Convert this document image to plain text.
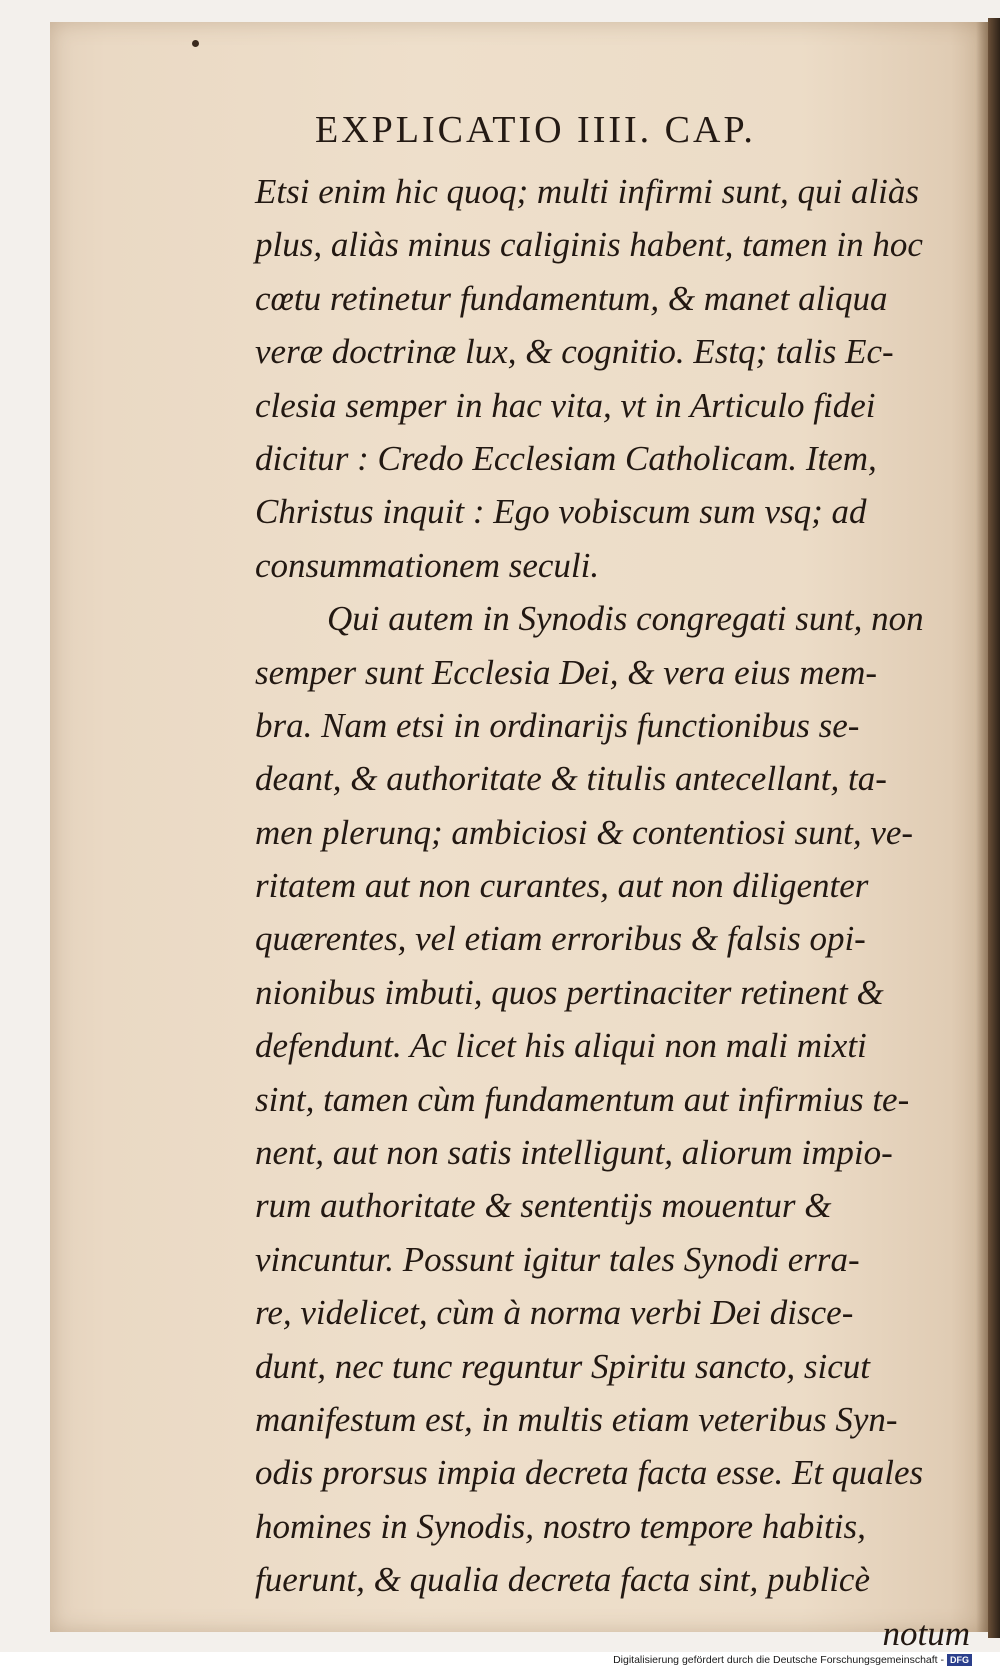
EXPLICATIO IIII. CAP.
Etsi enim hic quoq; multi infirmi sunt, qui aliàs
plus, aliàs minus caliginis habent, tamen in hoc
cœtu retinetur fundamentum, & manet aliqua
veræ doctrinæ lux, & cognitio. Estq; talis Ec-
clesia semper in hac vita, vt in Articulo fidei
dicitur : Credo Ecclesiam Catholicam. Item,
Christus inquit : Ego vobiscum sum vsq; ad
consummationem seculi.
Qui autem in Synodis congregati sunt, non
semper sunt Ecclesia Dei, & vera eius mem-
bra. Nam etsi in ordinarijs functionibus se-
deant, & authoritate & titulis antecellant, ta-
men plerunq; ambiciosi & contentiosi sunt, ve-
ritatem aut non curantes, aut non diligenter
quærentes, vel etiam erroribus & falsis opi-
nionibus imbuti, quos pertinaciter retinent &
defendunt. Ac licet his aliqui non mali mixti
sint, tamen cùm fundamentum aut infirmius te-
nent, aut non satis intelligunt, aliorum impio-
rum authoritate & sententijs mouentur &
vincuntur. Possunt igitur tales Synodi erra-
re, videlicet, cùm à norma verbi Dei disce-
dunt, nec tunc reguntur Spiritu sancto, sicut
manifestum est, in multis etiam veteribus Syn-
odis prorsus impia decreta facta esse. Et quales
homines in Synodis, nostro tempore habitis,
fuerunt, & qualia decreta facta sint, publicè
notum
Digitalisierung gefördert durch die Deutsche Forschungsgemeinschaft - DFG
